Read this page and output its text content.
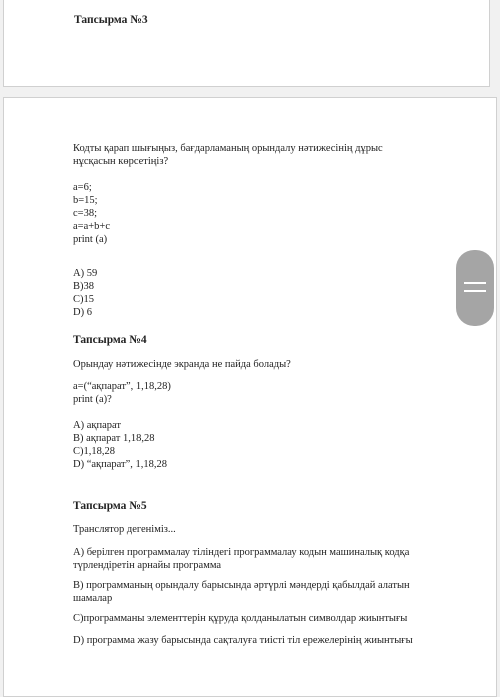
Тапсырма №3
Кодты қарап шығыңыз, бағдарламаның орындалу нәтижесінің дұрыс
нұсқасын көрсетіңіз?
a=6;
b=15;
c=38;
a=a+b+c
print (a)
А) 59
В)38
С)15
D) 6
Тапсырма №4
Орындау нәтижесінде экранда не пайда болады?
а=(“ақпарат”, 1,18,28)
print (а)?
А) ақпарат
В) ақпарат 1,18,28
С)1,18,28
D) “ақпарат”, 1,18,28
Тапсырма №5
Транслятор дегеніміз...
А) берілген программалау тіліндегі программалау кодын машиналық кодқа
түрлендіретін арнайы программа
В) программаның орындалу барысында әртүрлі мәндерді қабылдай алатын
шамалар
С)программаны элементтерін құруда қолданылатын символдар жиынтығы
D) программа жазу барысында сақталуға тиісті тіл ережелерінің жиынтығы
